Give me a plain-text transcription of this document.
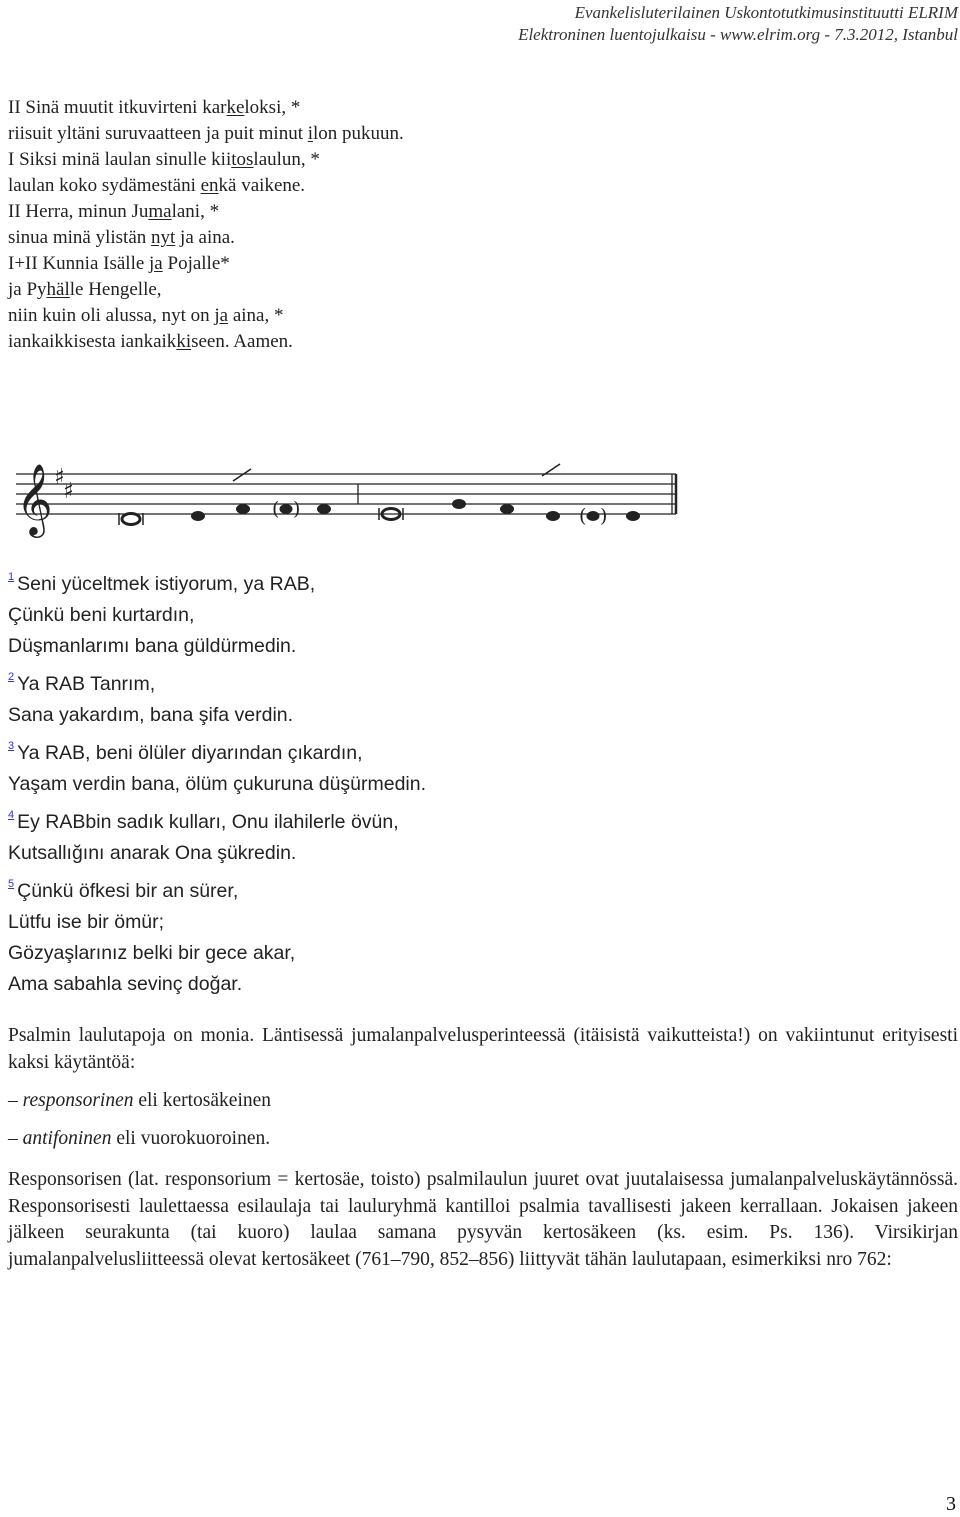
Evankelisluterilainen Uskontotutkimusinstituutti ELRIM
Elektroninen luentojulkaisu - www.elrim.org - 7.3.2012, Istanbul
II Sinä muutit itkuvirteni karkeloksi, *
riisuit yltäni suruvaatteen ja puit minut ilon pukuun.
I Siksi minä laulan sinulle kiitoslaulun, *
laulan koko sydämestäni enkä vaikene.
II Herra, minun Jumalani, *
sinua minä ylistän nyt ja aina.
I+II Kunnia Isälle ja Pojalle*
ja Pyhälle Hengelle,
niin kuin oli alussa, nyt on ja aina, *
iankaikkisesta iankaikkiseen. Aamen.
𝄞 ♯
♯
( )	( )
$^1$ Seni yüceltmek istiyorum, ya RAB,
Çünkü beni kurtardın,
Düşmanlarımı bana güldürmedin.
$^2$ Ya RAB Tanrım,
Sana yakardım, bana şifa verdin.
$^3$ Ya RAB, beni ölüler diyarından çıkardın,
Yaşam verdin bana, ölüm çukuruna düşürmedin.
$^4$ Ey RABbin sadık kulları, Onu ilahilerle övün,
Kutsallığını anarak Ona şükredin.
$^5$ Çünkü öfkesi bir an sürer,
Lütfu ise bir ömür;
Gözyaşlarınız belki bir gece akar,
Ama sabahla sevinç doğar.
Psalmin laulutapoja on monia. Läntisessä jumalanpalvelusperinteessä (itäisistä vaikutteista!) on vakiintunut erityisesti kaksi käytäntöä:
– responsorinen eli kertosäkeinen
– antifoninen eli vuorokuoroinen.
Responsorisen (lat. responsorium = kertosäe, toisto) psalmilaulun juuret ovat juutalaisessa jumalanpalveluskäytännössä. Responsorisesti laulettaessa esilaulaja tai lauluryhmä kantilloi psalmia tavallisesti jakeen kerrallaan. Jokaisen jakeen jälkeen seurakunta (tai kuoro) laulaa samana pysyvän kertosäkeen (ks. esim. Ps. 136). Virsikirjan jumalanpalvelusliitteessä olevat kertosäkeet (761–790, 852–856) liittyvät tähän laulutapaan, esimerkiksi nro 762:
3
